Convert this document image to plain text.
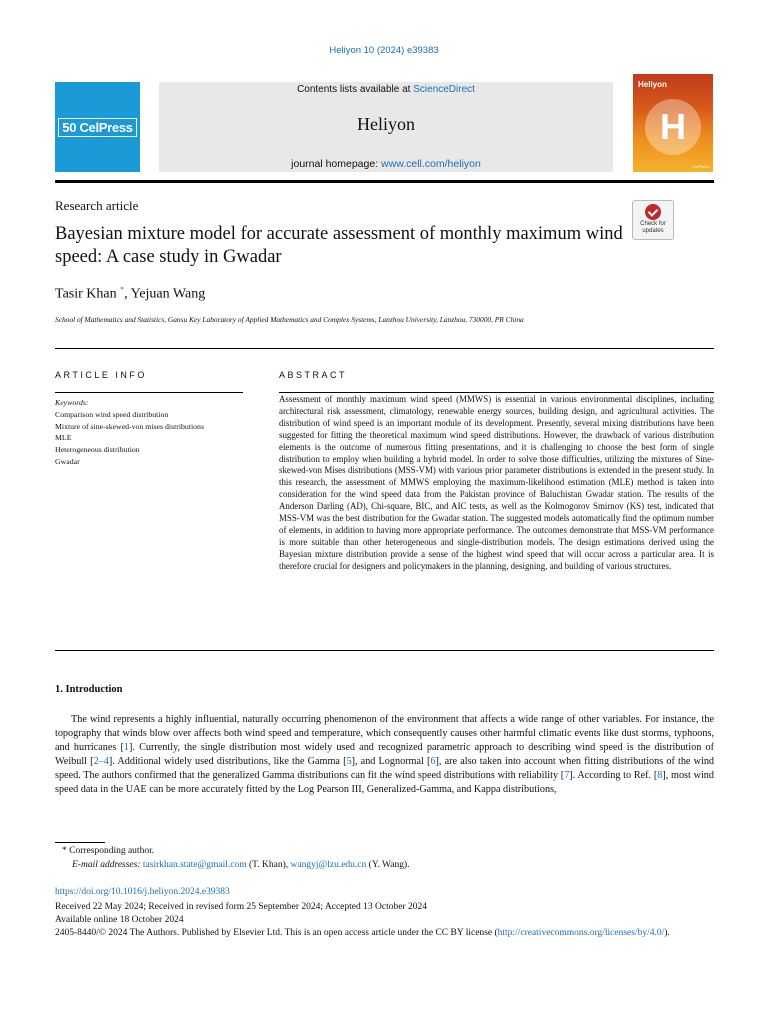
Heliyon 10 (2024) e39383
50 CelPress
Contents lists available at ScienceDirect
Heliyon
journal homepage: www.cell.com/heliyon
Heliyon
H
CelPress
Research article
Check for updates
Bayesian mixture model for accurate assessment of monthly maximum wind speed: A case study in Gwadar
Tasir Khan *, Yejuan Wang
School of Mathematics and Statistics, Gansu Key Laboratory of Applied Mathematics and Complex Systems, Lanzhou University, Lanzhou, 730000, PR China
ARTICLE INFO	ABSTRACT
Keywords:
Comparison wind speed distribution
Mixture of sine-skewed-von mises distributions
MLE
Heterogeneous distribution
Gwadar
Assessment of monthly maximum wind speed (MMWS) is essential in various environmental disciplines, including architectural risk assessment, climatology, renewable energy sources, building design, and agricultural activities. The distribution of wind speed is an important module of its development. Presently, several mixing distributions have been suggested for fitting the theoretical maximum wind speed distributions. However, the drawback of various distribution elements is the outcome of numerous fitting presentations, and it is challenging to choose the best form of single distribution to employ when building a hybrid model. In order to solve those difficulties, utilizing the mixtures of Sine-skewed-von Mises distributions (MSS-VM) with various prior parameter distributions is extended in the present study. In this research, the assessment of MMWS employing the maximum-likelihood estimation (MLE) method is taken into consideration for the wind speed data from the Pakistan province of Baluchistan Gwadar station. The results of the Anderson Darling (AD), Chi-square, BIC, and AIC tests, as well as the Kolmogorov Smirnov (KS) test, indicated that MSS-VM was the best distribution for the Gwadar station. The suggested models automatically find the optimum number of elements, in addition to having more appropriate performance. The outcomes demonstrate that MSS-VM performance is more suitable than other heterogeneous and single-distribution models. The design estimations derived using the Bayesian mixture distribution provide a sense of the highest wind speed that will occur across a particular area. It is therefore crucial for designers and policymakers in the planning, designing, and building of various structures.
1. Introduction
The wind represents a highly influential, naturally occurring phenomenon of the environment that affects a wide range of other variables. For instance, the topography that winds blow over affects both wind speed and temperature, which consequently causes other harmful climatic events like dust storms, typhoons, and hurricanes [1]. Currently, the single distribution most widely used and recognized parametric approach to describing wind speed is the distribution of Weibull [2–4]. Additional widely used distributions, like the Gamma [5], and Lognormal [6], are also taken into account when fitting distributions of the wind speed. The authors confirmed that the generalized Gamma distributions can fit the wind speed distributions with reliability [7]. According to Ref. [8], most wind speed data in the UAE can be more accurately fitted by the Log Pearson III, Generalized-Gamma, and Kappa distributions,
* Corresponding author.
E-mail addresses: tasirkhan.state@gmail.com (T. Khan), wangyj@lzu.edu.cn (Y. Wang).
https://doi.org/10.1016/j.heliyon.2024.e39383
Received 22 May 2024; Received in revised form 25 September 2024; Accepted 13 October 2024
Available online 18 October 2024
2405-8440/© 2024 The Authors. Published by Elsevier Ltd. This is an open access article under the CC BY license (http://creativecommons.org/licenses/by/4.0/).
